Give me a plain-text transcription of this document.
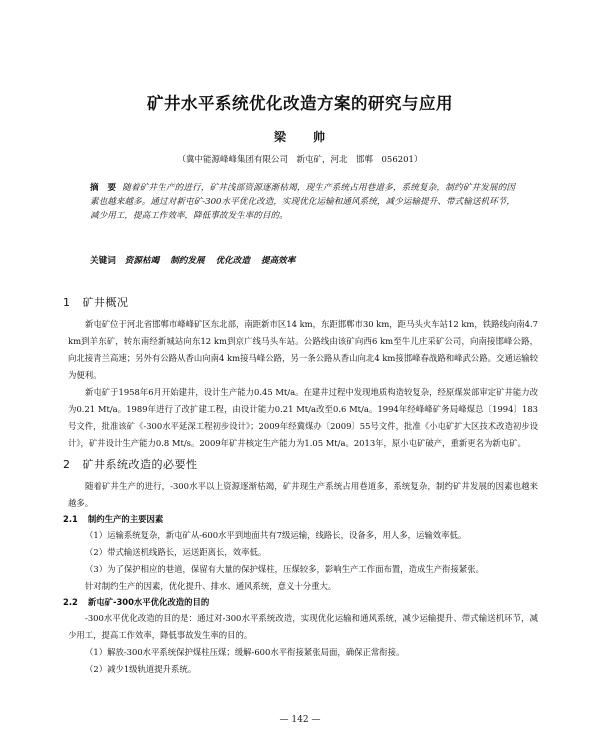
矿井水平系统优化改造方案的研究与应用
梁　　帅
（冀中能源峰峰集团有限公司　新屯矿，河北　邯郸　056201）
摘　要 随着矿井生产的进行，矿井浅部资源逐渐枯竭，现生产系统占用巷道多，系统复杂，制约矿井发展的因素也越来越多。通过对新屯矿-300水平优化改造，实现优化运输和通风系统，减少运输提升、带式输送机环节，减少用工，提高工作效率，降低事故发生率的目的。
关键词 资源枯竭 制约发展 优化改造 提高效率
1 矿井概况

新屯矿位于河北省邯郸市峰峰矿区东北部，南距新市区14 km，东距邯郸市30 km，距马头火车站12 km，铁路线向南4.7 km到羊东矿，转东南经新城站向东12 km到京广线马头车站。公路线由该矿向西6 km至牛儿庄采矿公司，向南接邯峰公路，向北接青兰高速；另外有公路从香山向南4 km接马峰公路，另一条公路从香山向北4 km接邯峰春战路和峰武公路。交通运输较为便利。

新屯矿于1958年6月开始建井，设计生产能力0.45 Mt/a。在建井过程中发现地质构造较复杂，经原煤炭部审定矿井能力改为0.21 Mt/a。1989年进行了改扩建工程，由设计能力0.21 Mt/a改至0.6 Mt/a。1994年经峰峰矿务局峰煤总〔1994〕183号文件，批准该矿《-300水平延深工程初步设计》；2009年经冀煤办〔2009〕55号文件，批准《小屯矿扩大区技术改造初步设计》，矿井设计生产能力0.8 Mt/s。2009年矿井核定生产能力为1.05 Mt/a。2013年，原小屯矿破产，重新更名为新屯矿。

2 矿井系统改造的必要性

随着矿井生产的进行，-300水平以上资源逐渐枯竭，矿井现生产系统占用巷道多，系统复杂，制约矿井发展的因素也越来越多。

2.1 制约生产的主要因素

（1）运输系统复杂，新屯矿从-600水平到地面共有7级运输，线路长，设备多，用人多，运输效率低。

（2）带式输送机线路长，运送距离长，效率低。

（3）为了保护相应的巷道，保留有大量的保护煤柱，压煤较多，影响生产工作面布置，造成生产衔接紧张。

针对制约生产的因素，优化提升、排水、通风系统，意义十分重大。

2.2 新屯矿-300水平优化改造的目的

-300水平优化改造的目的是：通过对-300水平系统改造，实现优化运输和通风系统，减少运输提升、带式输送机环节，减少用工，提高工作效率，降低事故发生率的目的。

（1）解放-300水平系统保护煤柱压煤；缓解-600水平衔接紧张局面，确保正常衔接。

（2）减少1级轨道提升系统。

— 142 —
